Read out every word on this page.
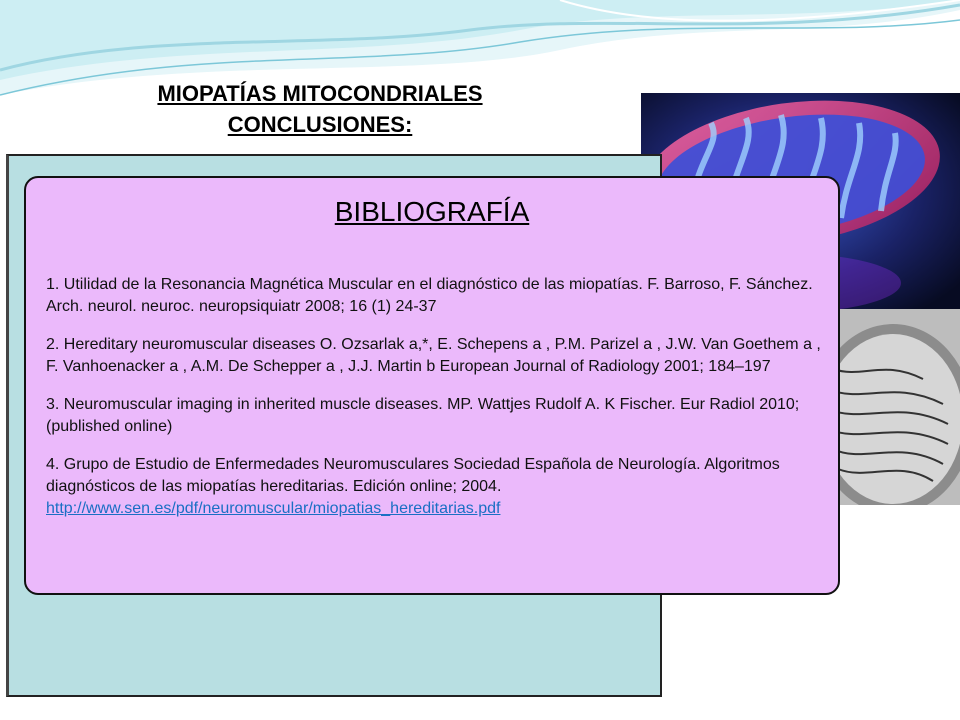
MIOPATÍAS MITOCONDRIALES
CONCLUSIONES:
BIBLIOGRAFÍA

1. Utilidad de la Resonancia Magnética Muscular en el diagnóstico de las miopatías. F. Barroso, F. Sánchez. Arch. neurol. neuroc. neuropsiquiatr 2008; 16 (1) 24-37

2. Hereditary neuromuscular diseases O. Ozsarlak a,*, E. Schepens a , P.M. Parizel a , J.W. Van Goethem a , F. Vanhoenacker a , A.M. De Schepper a , J.J. Martin b European Journal of Radiology 2001; 184–197

3. Neuromuscular imaging in inherited muscle diseases. MP. Wattjes Rudolf A. K Fischer. Eur Radiol 2010; (published online)

4. Grupo de Estudio de Enfermedades Neuromusculares Sociedad Española de Neurología. Algoritmos diagnósticos de las miopatías hereditarias. Edición online; 2004.
http://www.sen.es/pdf/neuromuscular/miopatias_hereditarias.pdf
